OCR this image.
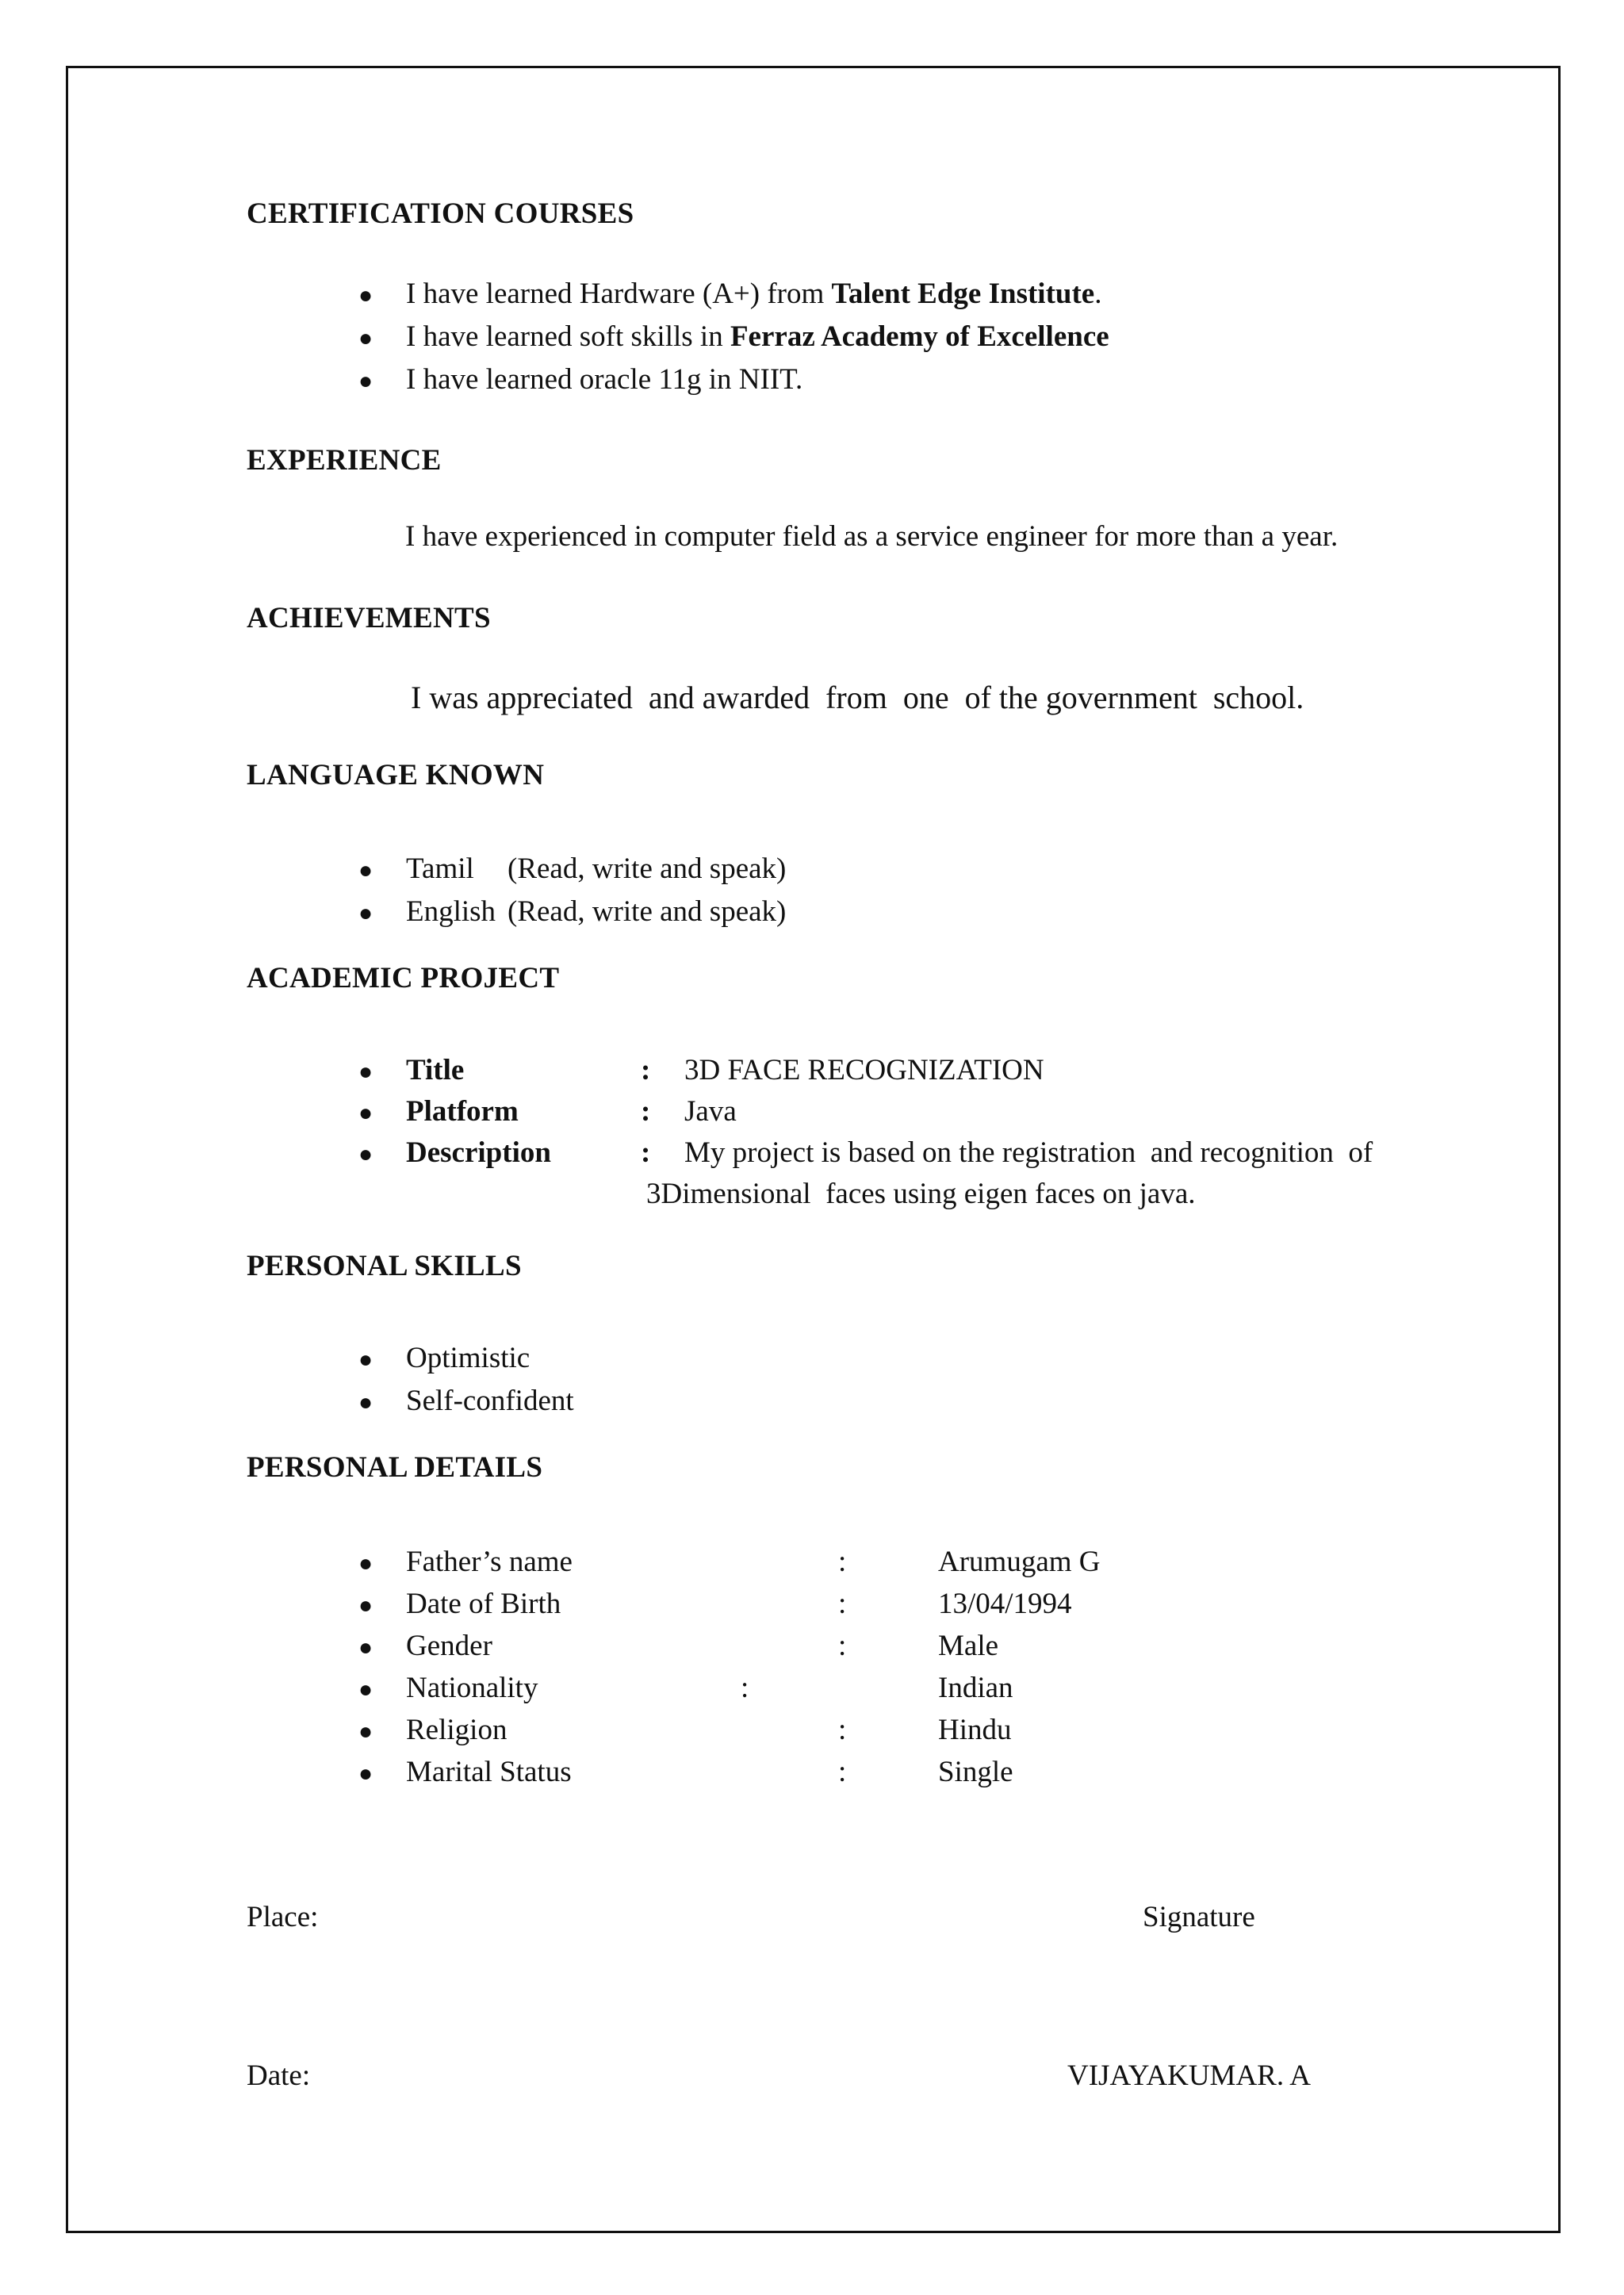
CERTIFICATION COURSES
● I have learned Hardware (A+) from Talent Edge Institute.
● I have learned soft skills in Ferraz Academy of Excellence
● I have learned oracle 11g in NIIT.
EXPERIENCE
I have experienced in computer field as a service engineer for more than a year.
ACHIEVEMENTS
I was appreciated  and awarded  from  one  of the government  school.
LANGUAGE KNOWN
● Tamil (Read, write and speak)
● English (Read, write and speak)
ACADEMIC PROJECT
● Title	: 3D FACE RECOGNIZATION
● Platform	: Java
● Description	: My project is based on the registration  and recognition  of
3Dimensional  faces using eigen faces on java.
PERSONAL SKILLS
● Optimistic
● Self-confident
PERSONAL DETAILS
● Father’s name	:	Arumugam G
● Date of Birth	:	13/04/1994
● Gender	:	Male
● Nationality	:	Indian
● Religion	:	Hindu
● Marital Status	:	Single
Place:	Signature
Date:	VIJAYAKUMAR. A
